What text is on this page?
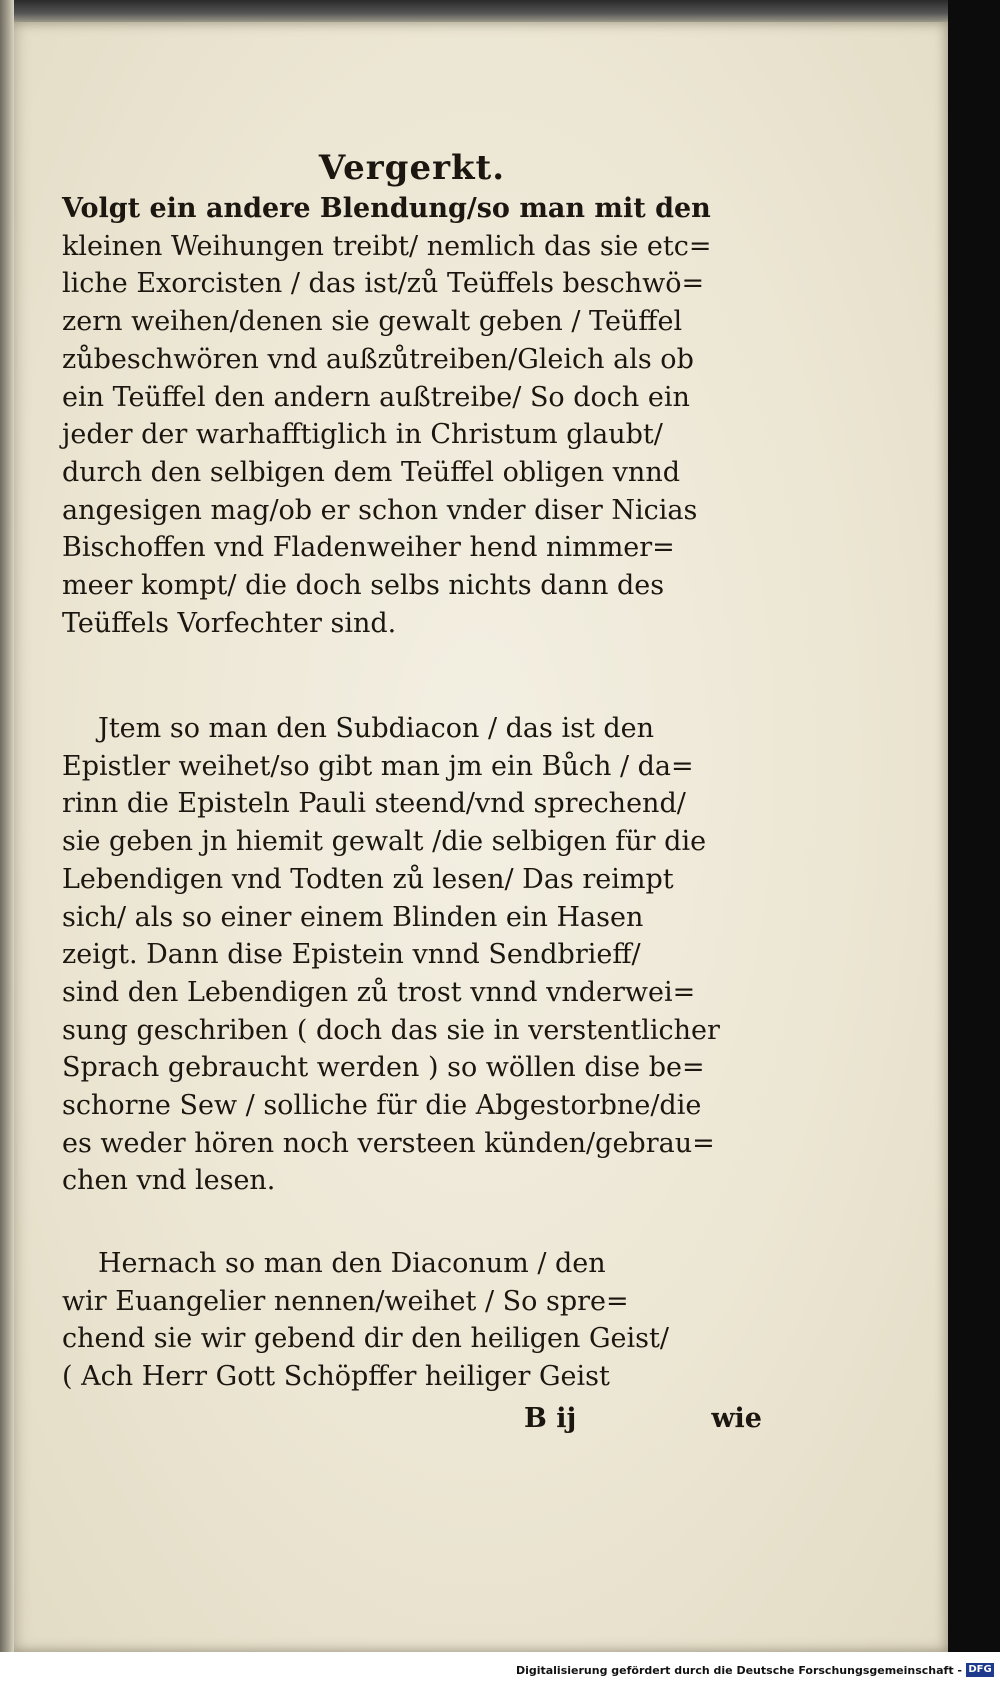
Vergerkt.
Volgt ein andere Blendung/so man mit den
kleinen Weihungen treibt/ nemlich das sie etc=
liche Exorcisten / das ist/zů Teüffels beschwö=
zern weihen/denen sie gewalt geben / Teüffel
zůbeschwören vnd außzůtreiben/Gleich als ob
ein Teüffel den andern außtreibe/ So doch ein
jeder der warhafftiglich in Christum glaubt/
durch den selbigen dem Teüffel obligen vnnd
angesigen mag/ob er schon vnder diser Nicias
Bischoffen vnd Fladenweiher hend nimmer=
meer kompt/ die doch selbs nichts dann des
Teüffels Vorfechter sind.
Jtem so man den Subdiacon / das ist den
Epistler weihet/so gibt man jm ein Bůch / da=
rinn die Episteln Pauli steend/vnd sprechend/
sie geben jn hiemit gewalt /die selbigen für die
Lebendigen vnd Todten zů lesen/ Das reimpt
sich/ als so einer einem Blinden ein Hasen
zeigt. Dann dise Epistein vnnd Sendbrieff/
sind den Lebendigen zů trost vnnd vnderwei=
sung geschriben ( doch das sie in verstentlicher
Sprach gebraucht werden ) so wöllen dise be=
schorne Sew / solliche für die Abgestorbne/die
es weder hören noch versteen künden/gebrau=
chen vnd lesen.
Hernach so man den Diaconum / den
wir Euangelier nennen/weihet / So spre=
chend sie wir gebend dir den heiligen Geist/
( Ach Herr Gott Schöpffer heiliger Geist
B ij	wie
Digitalisierung gefördert durch die Deutsche Forschungsgemeinschaft - DFG
